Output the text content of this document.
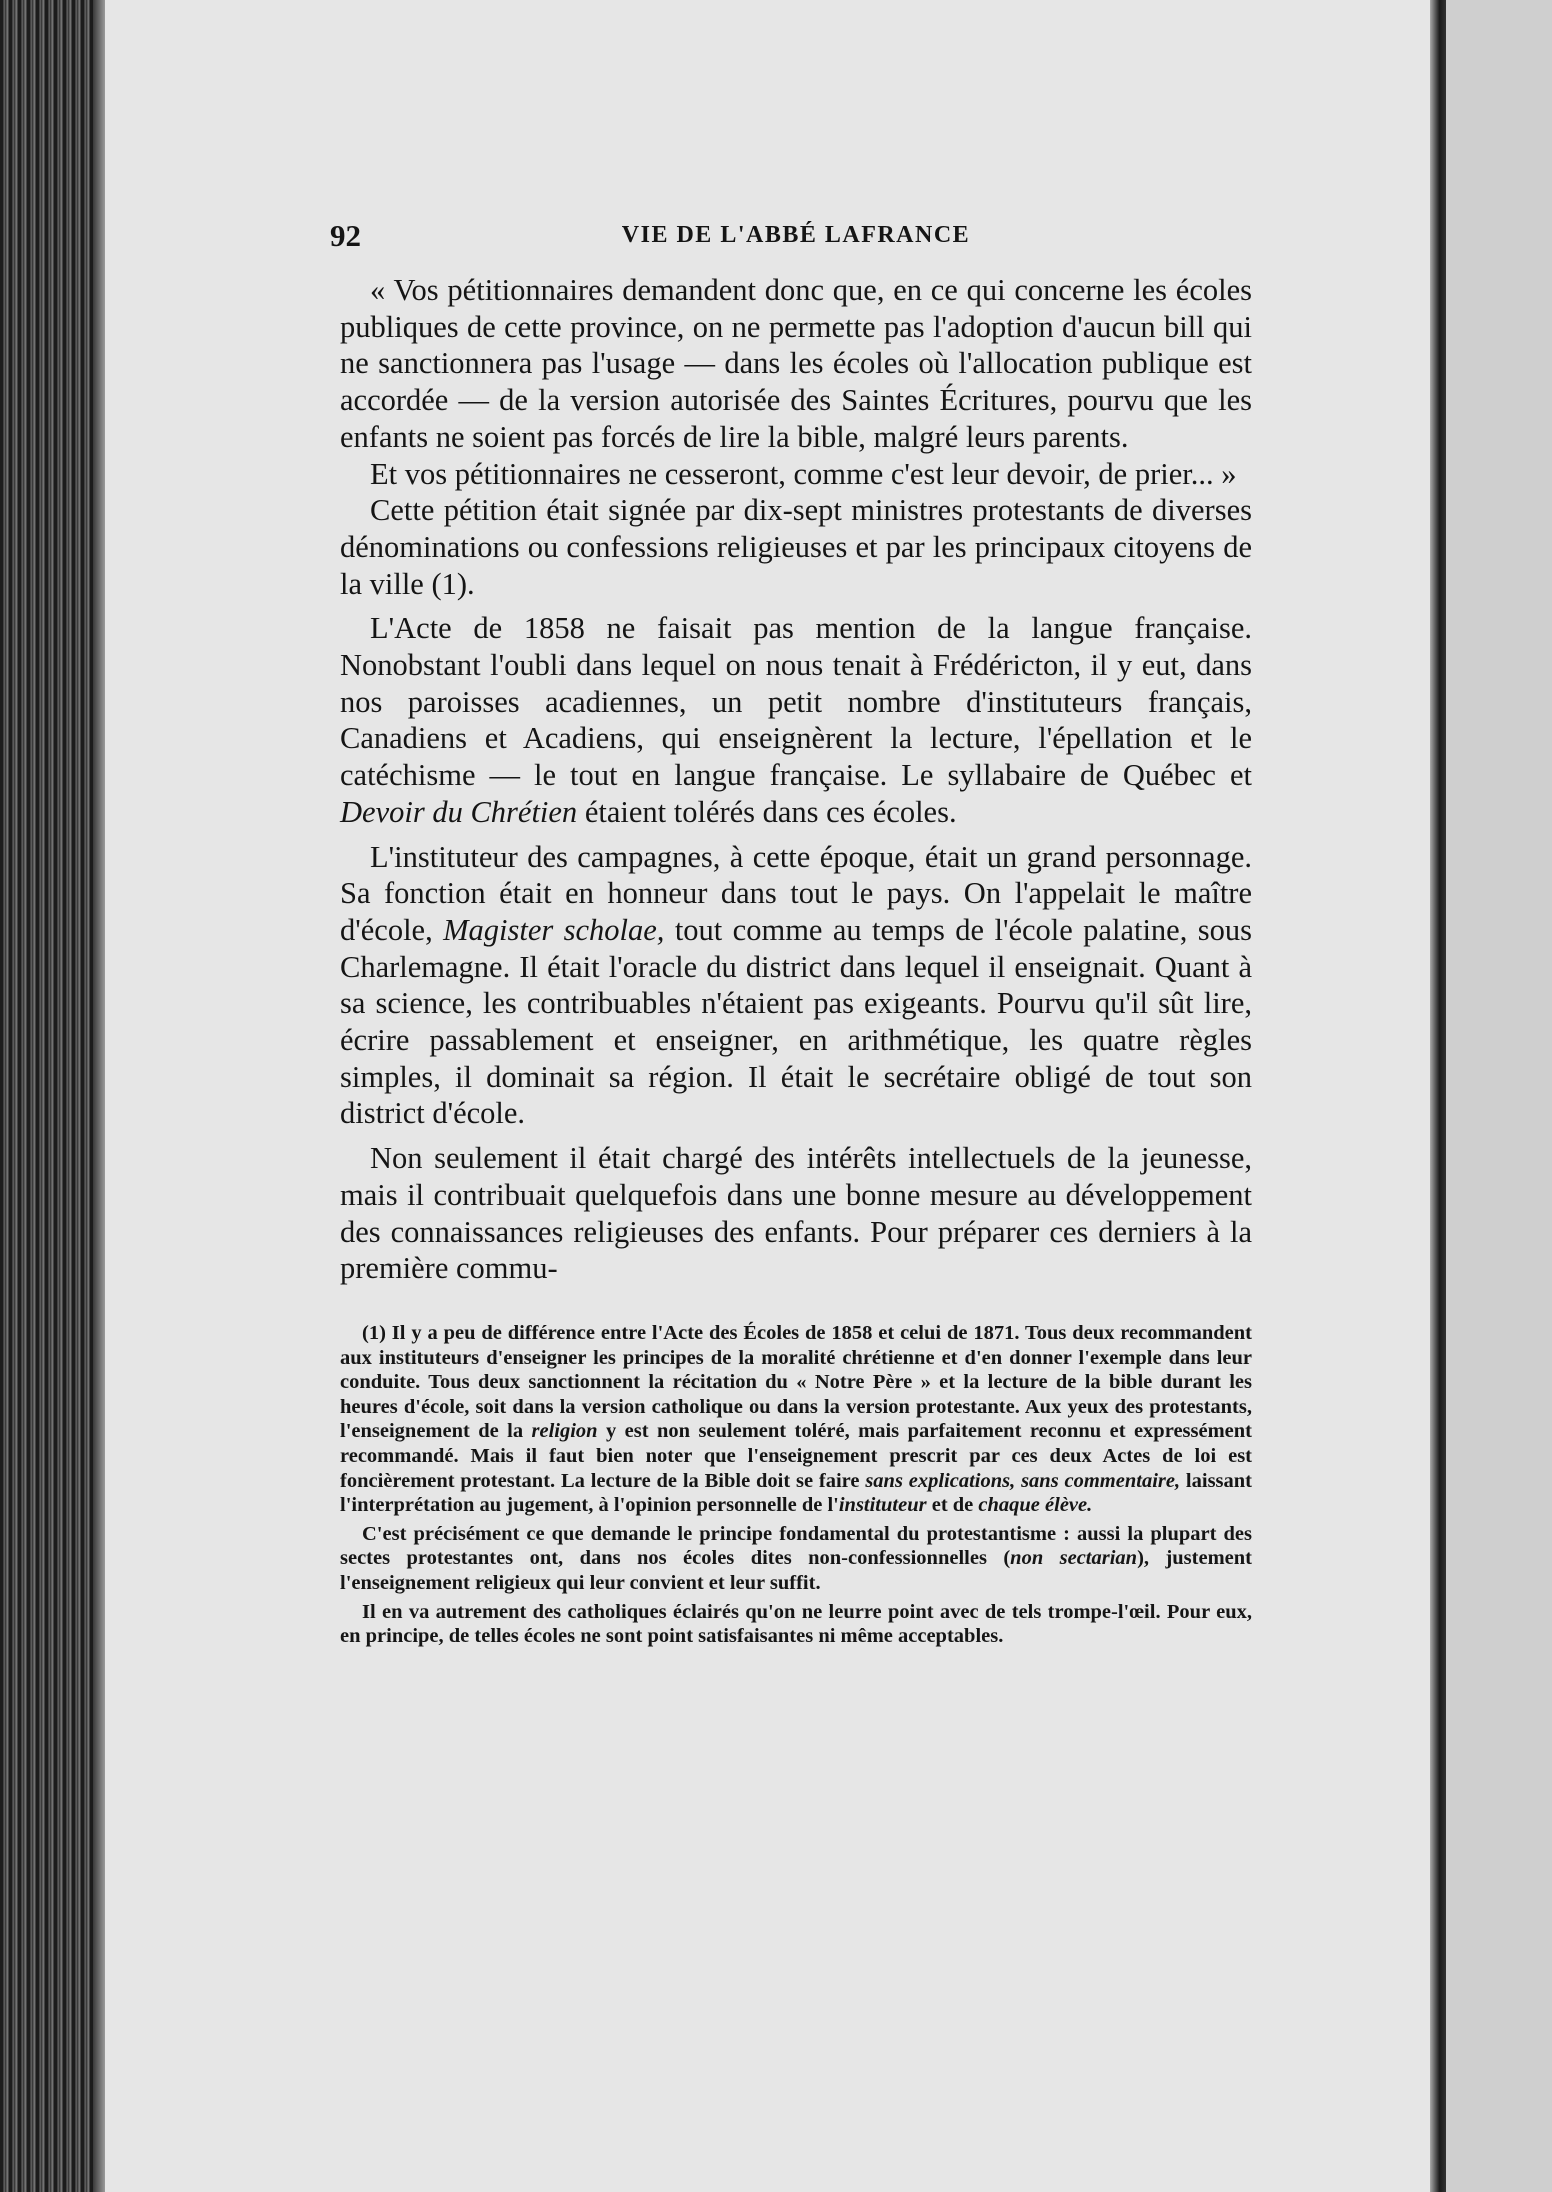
92	VIE DE L'ABBÉ LAFRANCE

« Vos pétitionnaires demandent donc que, en ce qui concerne les écoles publiques de cette province, on ne permette pas l'adoption d'aucun bill qui ne sanctionnera pas l'usage — dans les écoles où l'allocation publique est accordée — de la version autorisée des Saintes Écritures, pourvu que les enfants ne soient pas forcés de lire la bible, malgré leurs parents.

Et vos pétitionnaires ne cesseront, comme c'est leur devoir, de prier... »

Cette pétition était signée par dix-sept ministres protestants de diverses dénominations ou confessions religieuses et par les principaux citoyens de la ville (1).

L'Acte de 1858 ne faisait pas mention de la langue française. Nonobstant l'oubli dans lequel on nous tenait à Frédéricton, il y eut, dans nos paroisses acadiennes, un petit nombre d'instituteurs français, Canadiens et Acadiens, qui enseignèrent la lecture, l'épellation et le catéchisme — le tout en langue française. Le syllabaire de Québec et Devoir du Chrétien étaient tolérés dans ces écoles.

L'instituteur des campagnes, à cette époque, était un grand personnage. Sa fonction était en honneur dans tout le pays. On l'appelait le maître d'école, Magister scholae, tout comme au temps de l'école palatine, sous Charlemagne. Il était l'oracle du district dans lequel il enseignait. Quant à sa science, les contribuables n'étaient pas exigeants. Pourvu qu'il sût lire, écrire passablement et enseigner, en arithmétique, les quatre règles simples, il dominait sa région. Il était le secrétaire obligé de tout son district d'école.

Non seulement il était chargé des intérêts intellectuels de la jeunesse, mais il contribuait quelquefois dans une bonne mesure au développement des connaissances religieuses des enfants. Pour préparer ces derniers à la première commu-

(1) Il y a peu de différence entre l'Acte des Écoles de 1858 et celui de 1871. Tous deux recommandent aux instituteurs d'enseigner les principes de la moralité chrétienne et d'en donner l'exemple dans leur conduite. Tous deux sanctionnent la récitation du « Notre Père » et la lecture de la bible durant les heures d'école, soit dans la version catholique ou dans la version protestante. Aux yeux des protestants, l'enseignement de la religion y est non seulement toléré, mais parfaitement reconnu et expressément recommandé. Mais il faut bien noter que l'enseignement prescrit par ces deux Actes de loi est foncièrement protestant. La lecture de la Bible doit se faire sans explications, sans commentaire, laissant l'interprétation au jugement, à l'opinion personnelle de l'instituteur et de chaque élève.

C'est précisément ce que demande le principe fondamental du protestantisme : aussi la plupart des sectes protestantes ont, dans nos écoles dites non-confessionnelles (non sectarian), justement l'enseignement religieux qui leur convient et leur suffit.

Il en va autrement des catholiques éclairés qu'on ne leurre point avec de tels trompe-l'œil. Pour eux, en principe, de telles écoles ne sont point satisfaisantes ni même acceptables.
